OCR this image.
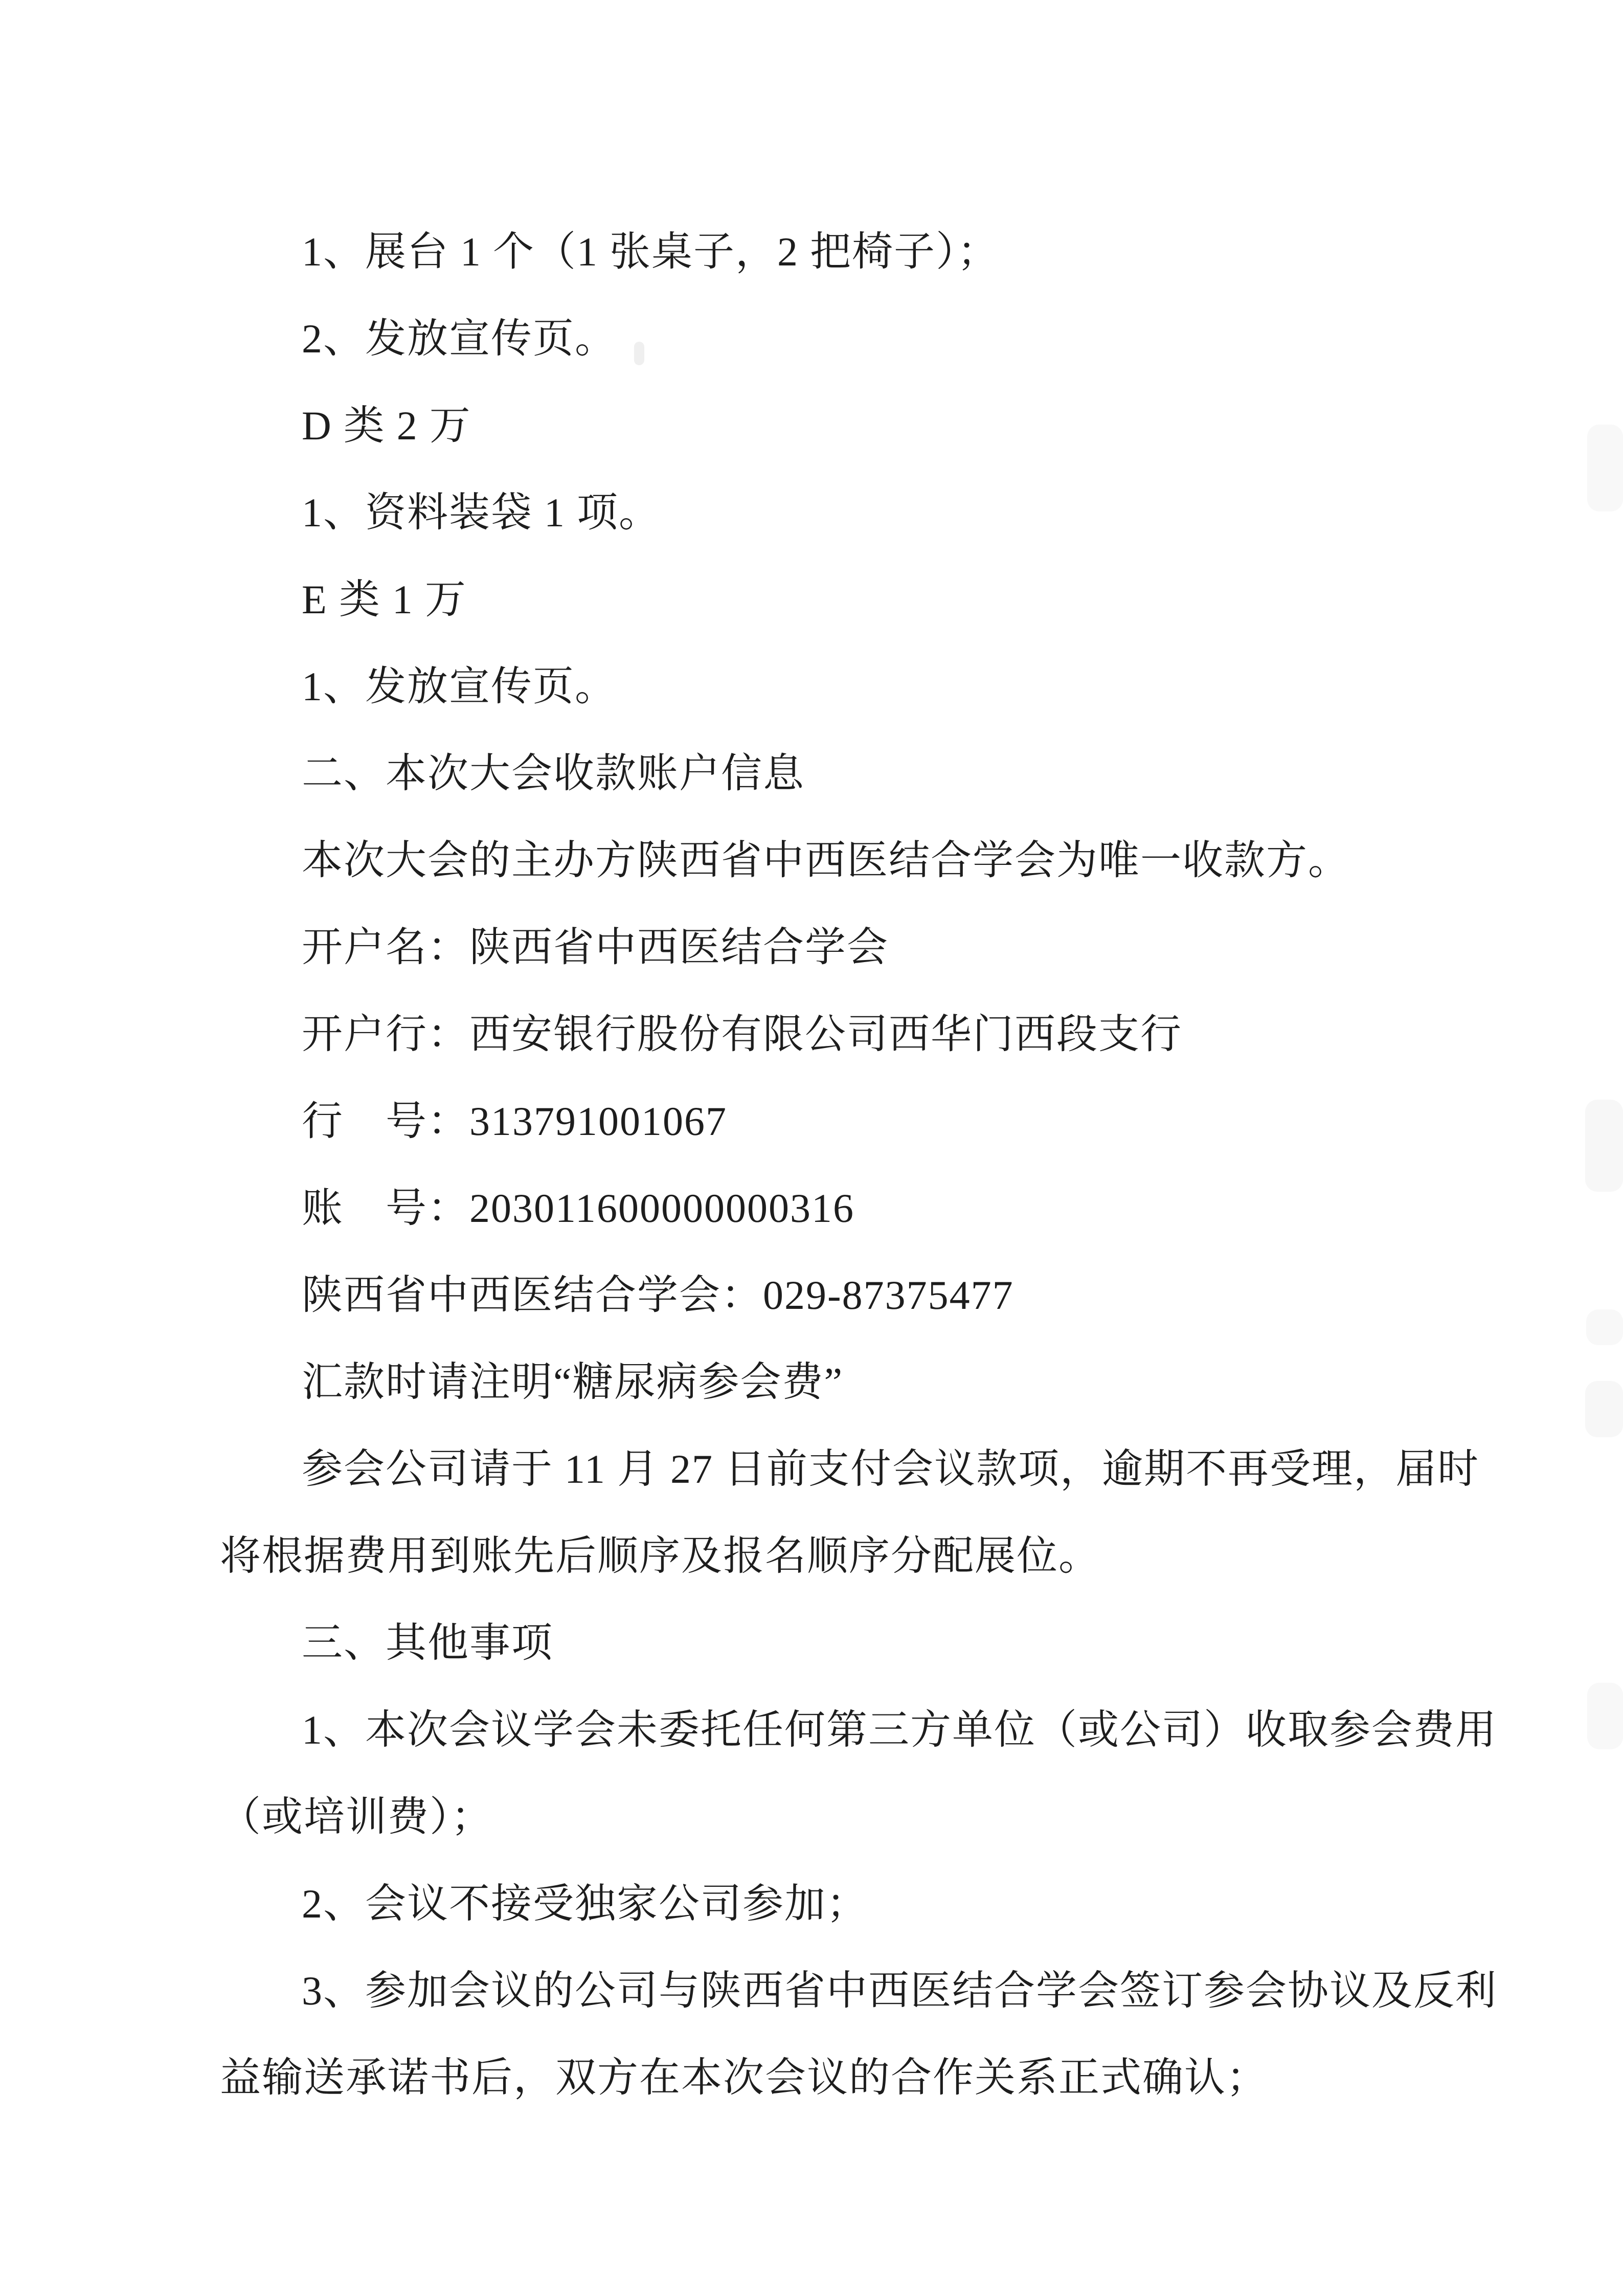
1、展台 1 个（1 张桌子，2 把椅子）；
2、发放宣传页。
D 类 2 万
1、资料装袋 1 项。
E 类 1 万
1、发放宣传页。
二、本次大会收款账户信息
本次大会的主办方陕西省中西医结合学会为唯一收款方。
开户名：陕西省中西医结合学会
开户行：西安银行股份有限公司西华门西段支行
行　号：313791001067
账　号：203011600000000316
陕西省中西医结合学会：029-87375477
汇款时请注明“糖尿病参会费”
参会公司请于 11 月 27 日前支付会议款项，逾期不再受理，届时
将根据费用到账先后顺序及报名顺序分配展位。
三、其他事项
1、本次会议学会未委托任何第三方单位（或公司）收取参会费用
（或培训费）；
2、会议不接受独家公司参加；
3、参加会议的公司与陕西省中西医结合学会签订参会协议及反利
益输送承诺书后，双方在本次会议的合作关系正式确认；
